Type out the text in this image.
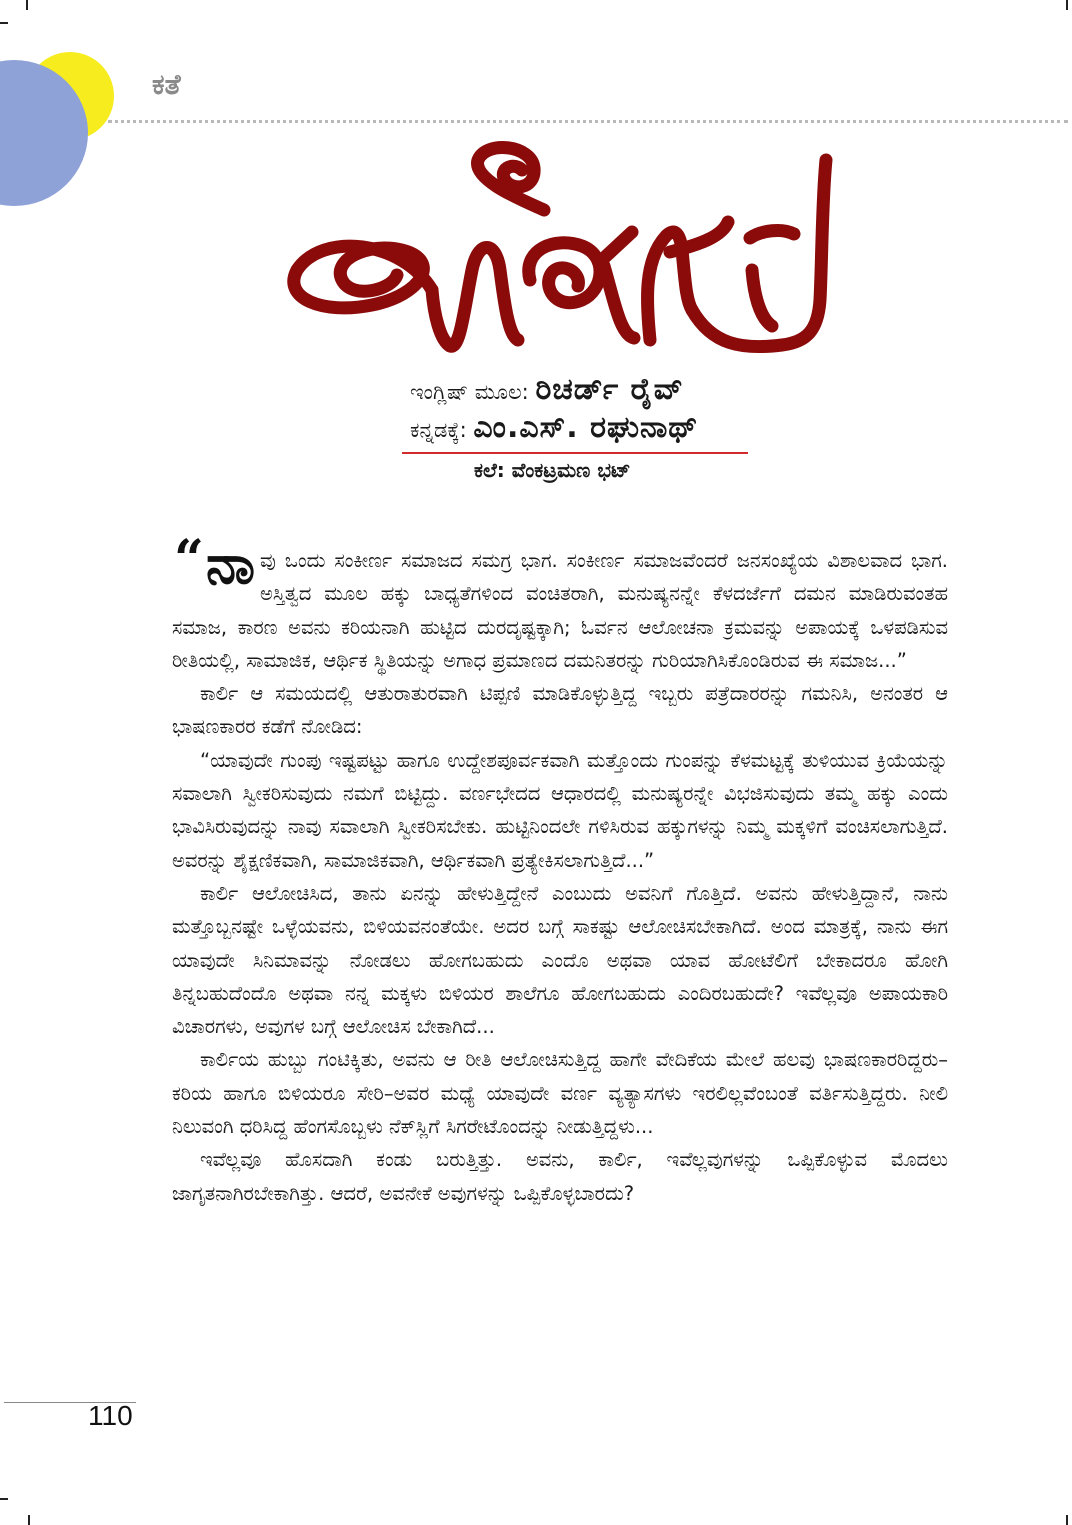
ಕತೆ
ಇಂಗ್ಲಿಷ್ ಮೂಲ: ರಿಚರ್ಡ್ ರೈವ್
ಕನ್ನಡಕ್ಕೆ: ಎಂ.ಎಸ್. ರಘುನಾಥ್
ಕಲೆ: ವೆಂಕಟ್ರಮಣ ಭಟ್
“ ನಾ ವು ಒಂದು ಸಂಕೀರ್ಣ ಸಮಾಜದ ಸಮಗ್ರ ಭಾಗ. ಸಂಕೀರ್ಣ ಸಮಾಜವೆಂದರೆ ಜನಸಂಖ್ಯೆಯ ವಿಶಾಲವಾದ ಭಾಗ. ಅಸ್ತಿತ್ವದ ಮೂಲ ಹಕ್ಕು ಬಾಧ್ಯತೆಗಳಿಂದ ವಂಚಿತರಾಗಿ, ಮನುಷ್ಯನನ್ನೇ ಕೆಳದರ್ಜೆಗೆ ದಮನ ಮಾಡಿರುವಂತಹ ಸಮಾಜ, ಕಾರಣ ಅವನು ಕರಿಯನಾಗಿ ಹುಟ್ಟಿದ ದುರದೃಷ್ಟಕ್ಕಾಗಿ; ಓರ್ವನ ಆಲೋಚನಾ ಕ್ರಮವನ್ನು ಅಪಾಯಕ್ಕೆ ಒಳಪಡಿಸುವ ರೀತಿಯಲ್ಲಿ, ಸಾಮಾಜಿಕ, ಆರ್ಥಿಕ ಸ್ಥಿತಿಯನ್ನು ಅಗಾಧ ಪ್ರಮಾಣದ ದಮನಿತರನ್ನು ಗುರಿಯಾಗಿಸಿಕೊಂಡಿರುವ ಈ ಸಮಾಜ...”

ಕಾರ್ಲಿ ಆ ಸಮಯದಲ್ಲಿ ಆತುರಾತುರವಾಗಿ ಟಿಪ್ಪಣಿ ಮಾಡಿಕೊಳ್ಳುತ್ತಿದ್ದ ಇಬ್ಬರು ಪತ್ರೆದಾರರನ್ನು ಗಮನಿಸಿ, ಅನಂತರ ಆ ಭಾಷಣಕಾರರ ಕಡೆಗೆ ನೋಡಿದ:

“ಯಾವುದೇ ಗುಂಪು ಇಷ್ಟಪಟ್ಟು ಹಾಗೂ ಉದ್ದೇಶಪೂರ್ವಕವಾಗಿ ಮತ್ತೊಂದು ಗುಂಪನ್ನು ಕೆಳಮಟ್ಟಕ್ಕೆ ತುಳಿಯುವ ಕ್ರಿಯೆಯನ್ನು ಸವಾಲಾಗಿ ಸ್ವೀಕರಿಸುವುದು ನಮಗೆ ಬಿಟ್ಟಿದ್ದು. ವರ್ಣಭೇದದ ಆಧಾರದಲ್ಲಿ ಮನುಷ್ಯರನ್ನೇ ವಿಭಜಿಸುವುದು ತಮ್ಮ ಹಕ್ಕು ಎಂದು ಭಾವಿಸಿರುವುದನ್ನು ನಾವು ಸವಾಲಾಗಿ ಸ್ವೀಕರಿಸಬೇಕು. ಹುಟ್ಟಿನಿಂದಲೇ ಗಳಿಸಿರುವ ಹಕ್ಕುಗಳನ್ನು ನಿಮ್ಮ ಮಕ್ಕಳಿಗೆ ವಂಚಿಸಲಾಗುತ್ತಿದೆ. ಅವರನ್ನು ಶೈಕ್ಷಣಿಕವಾಗಿ, ಸಾಮಾಜಿಕವಾಗಿ, ಆರ್ಥಿಕವಾಗಿ ಪ್ರತ್ಯೇಕಿಸಲಾಗುತ್ತಿದೆ...”

ಕಾರ್ಲಿ ಆಲೋಚಿಸಿದ, ತಾನು ಏನನ್ನು ಹೇಳುತ್ತಿದ್ದೇನೆ ಎಂಬುದು ಅವನಿಗೆ ಗೊತ್ತಿದೆ. ಅವನು ಹೇಳುತ್ತಿದ್ದಾನೆ, ನಾನು ಮತ್ತೊಬ್ಬನಷ್ಟೇ ಒಳ್ಳೆಯವನು, ಬಿಳಿಯವನಂತೆಯೇ. ಅದರ ಬಗ್ಗೆ ಸಾಕಷ್ಟು ಆಲೋಚಿಸಬೇಕಾಗಿದೆ. ಅಂದ ಮಾತ್ರಕ್ಕೆ, ನಾನು ಈಗ ಯಾವುದೇ ಸಿನಿಮಾವನ್ನು ನೋಡಲು ಹೋಗಬಹುದು ಎಂದೊ ಅಥವಾ ಯಾವ ಹೋಟೆಲಿಗೆ ಬೇಕಾದರೂ ಹೋಗಿ ತಿನ್ನಬಹುದೆಂದೊ ಅಥವಾ ನನ್ನ ಮಕ್ಕಳು ಬಿಳಿಯರ ಶಾಲೆಗೂ ಹೋಗಬಹುದು ಎಂದಿರಬಹುದೇ? ಇವೆಲ್ಲವೂ ಅಪಾಯಕಾರಿ ವಿಚಾರಗಳು, ಅವುಗಳ ಬಗ್ಗೆ ಆಲೋಚಿಸ ಬೇಕಾಗಿದೆ...

ಕಾರ್ಲಿಯ ಹುಬ್ಬು ಗಂಟಿಕ್ಕಿತು, ಅವನು ಆ ರೀತಿ ಆಲೋಚಿಸುತ್ತಿದ್ದ ಹಾಗೇ ವೇದಿಕೆಯ ಮೇಲೆ ಹಲವು ಭಾಷಣಕಾರರಿದ್ದರು–ಕರಿಯ ಹಾಗೂ ಬಿಳಿಯರೂ ಸೇರಿ–ಅವರ ಮಧ್ಯೆ ಯಾವುದೇ ವರ್ಣ ವ್ಯತ್ಯಾಸಗಳು ಇರಲಿಲ್ಲವೆಂಬಂತೆ ವರ್ತಿಸುತ್ತಿದ್ದರು. ನೀಲಿ ನಿಲುವಂಗಿ ಧರಿಸಿದ್ದ ಹೆಂಗಸೊಬ್ಬಳು ನೆಕ್‌ಸ್ಲಿಗೆ ಸಿಗರೇಟೊಂದನ್ನು ನೀಡುತ್ತಿದ್ದಳು...

ಇವೆಲ್ಲವೂ ಹೊಸದಾಗಿ ಕಂಡು ಬರುತ್ತಿತ್ತು. ಅವನು, ಕಾರ್ಲಿ, ಇವೆಲ್ಲವುಗಳನ್ನು ಒಪ್ಪಿಕೊಳ್ಳುವ ಮೊದಲು ಜಾಗೃತನಾಗಿರಬೇಕಾಗಿತ್ತು. ಆದರೆ, ಅವನೇಕೆ ಅವುಗಳನ್ನು ಒಪ್ಪಿಕೊಳ್ಳಬಾರದು?

110
